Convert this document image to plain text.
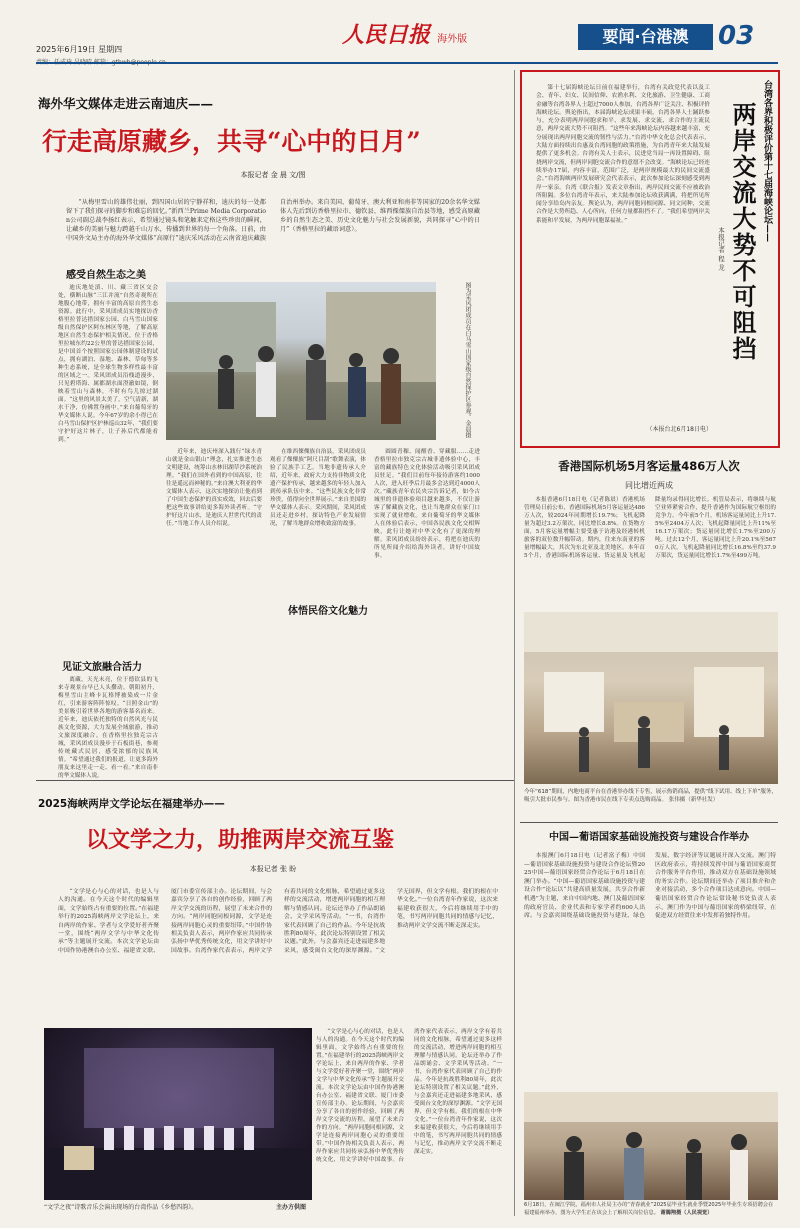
2025年6月19日 星期四
人民日报 海外版	要闻·台港澳	03
海外华文媒体走进云南迪庆——
行走高原藏乡，共寻“心中的日月”
本报记者 金 晨 文/图

“从梅里雪山的雄伟壮丽，到四国山居的宁静祥和，迪庆的每一处都留下了我们探寻的脚步和难忘的回忆。”新西兰Prime Media Corporation公司副总裁李扬红表示，希望通过镜头和笔触来定格这些珍贵的瞬间，让藏乡的美丽与魅力跨越千山万水，传播到世界的每一个角落。日前，由中国外文局主办的海外华文媒体“高原行”迪庆采风活动在云南省迪庆藏族自治州举办。来自美国、葡萄牙、澳大利亚和南非等国家的20余名华文媒体人先后到访香格里拉市、德钦县、维西傈僳族自治县等地，感受高原藏乡的自然生态之美、历史文化魅力与社会发展新貌，共同探寻“心中的日月”（香格里拉的藏语词意）。

感受自然生态之美

迪庆地处滇、川、藏三省区交会处，横断山脉“三江并流”自然奇观所在地腹心地带，拥有丰富的高原自然生态资源。此行中，采风团成员实地探访香格里拉普达措国家公园、白马雪山国家级自然保护区阿东林区等地，了解高原地区自然生态保护相关情况。位于香格里拉城东约22公里的普达措国家公园，是中国首个按照国家公园体制建设的试点，拥有湖泊、湿地、森林、草甸等多种生态系统，是全球生物多样性最丰富的区域之一。采风团成员沿栈道漫步，只见碧塔海、属都湖水面澄澈如镜，倒映着雪山与森林，不时有鸟儿掠过湖面。“这里的风景太美了，空气清新，湖水干净，仿佛置身画中。”来自葡萄牙的华文媒体人说。今年67岁的余小得已在白马雪山保护区护林巡山32年，“我们要守护好这片林子，让子孙后代都能看到。”

见证文旅融合活力

离藏，天光未亮，位于德钦县的飞来寺观景台早已人头攒动。朝阳初升，梅里雪山主峰卡瓦格博被染成一片金红，引来游客阵阵惊叹。“日照金山”的美景吸引着世界各地的游客慕名而来。近年来，迪庆依托独特的自然风光与民族文化资源，大力发展全域旅游，推动文旅深度融合。在香格里拉独克宗古城，采风团成员漫步于石板街巷，参观传统藏式民居，感受浓郁的民族风情。“希望通过我们的报道，让更多海外朋友来这里走一走、看一看。”来自南非的华文媒体人说。

图为采风团成员在白马雪山国家级自然保护区参观。金晨摄

近年来，迪庆州深入践行“绿水青山就是金山银山”理念，扎实推进生态文明建设，统筹山水林田湖草沙系统治理。“我们在国外看到的中国高原，往往是遥远而神秘的。”来自澳大利亚的华文媒体人表示，这次实地探访让他看到了中国生态保护的真实成效，回去后要把这些故事讲给更多海外读者听。“守护好这片山水，是迪庆人世世代代的责任。”当地工作人员介绍说。

在维西傈僳族自治县，采风团成员观看了傈僳族“阿尺目刮”歌舞表演，体验了民族手工艺。当地非遗传承人介绍，近年来，政府大力支持非物质文化遗产保护传承，越来越多的年轻人加入到传承队伍中来。“这些民族文化非常珍贵，值得向全世界展示。”来自美国的华文媒体人表示。采风期间，采风团成员还走进乡村，探访特色产业发展情况，了解当地群众增收致富的故事。

体悟民俗文化魅力

圆圆青稞、闻醒香、穿藏服……走进香格里拉市独克宗古城非遗体验中心，丰富的藏族特色文化体验活动吸引采风团成员驻足。“我们目前每年接待游客约1000人次，进入旺季后月最多会达到近4000人次。”藏族青年农民央宗告诉记者，如今古城里的非遗体验项目越来越多，不仅让游客了解藏族文化，也让当地群众在家门口实现了就业增收。来自葡萄牙的华文媒体人在体验后表示，中国各民族文化交相辉映，此行让她对中华文化有了更深的理解。采风团成员纷纷表示，将把在迪庆的所见所闻介绍给海外读者，讲好中国故事。

台湾各界积极评价第十七届海峡论坛——
两岸交流大势不可阻挡
本报记者 程 龙

第十七届海峡论坛日前在福建举行，台湾有关政党代表以及工会、青年、妇女、民间信仰、农渔水利、文化旅游、卫生健康、工商金融等台湾各界人士超过7000人参加，台湾各界广泛关注、积极评价海峡论坛。舆论指出，本届海峡论坛成果丰硕，台湾各界人士踊跃参与，充分表明两岸同胞求和平、求发展、求交流、求合作的主流民意，两岸交流大势不可阻挡。“这些年来海峡论坛内容越来越丰富，充分展现出两岸同胞交流的韧性与活力。”台湾中华文化总会代表表示，大陆方面持续出台惠及台湾同胞的政策措施，为台湾青年来大陆发展提供了更多机会。台湾有关人士表示，民进党当局一再设置障碍、阻挠两岸交流，但两岸同胞交流合作的意愿不会改变。“海峡论坛已经连续举办17届，内容丰富，范围广泛，是两岸规模最大的民间交流盛会。”台湾海峡两岸发展研究会代表表示，此次参加论坛深刻感受到两岸一家亲。台湾《联合报》发表文章指出，两岸民间交流不应被政治所阻隔。多位台湾青年表示，来大陆参加论坛收获满满，将把所见所闻分享给岛内亲友。舆论认为，两岸同胞同根同源、同文同种，交流合作是大势所趋、人心所向，任何力量都阻挡不了。“我们希望两岸关系能和平发展，为两岸同胞谋福祉。”

（本报台北6月18日电）
香港国际机场5月客运量486万人次
同比增近两成

本报香港6月18日电（记者陈晨）香港机场管理局日前公布，香港国际机场5月客运量达486万人次，较2024年同期增长19.7%；飞机起降量为超过3.2万架次，同比增长8.8%。在货物方面，5月客运量增幅主要受惠于访港及经港转机旅客的双位数升幅带动。期内，往来东南亚的客量增幅最大，其次为东北亚及北美地区。本年首5个月，香港国际机场客运量、货运量及飞机起降量均录得同比增长。机管局表示，将继续与航空业界紧密合作，提升香港作为国际航空枢纽的竞争力。今年前5个月，机场客运量同比上升17.5%至2404万人次；飞机起降量同比上升11%至16.17万架次；货运量同比增长1.7%至200万吨。过去12个月，客运量同比上升20.1%至5670万人次，飞机起降量同比增长16.8%至约37.9万架次，货运量同比增长1.7%至499万吨。

今年“618”期间，内地电商平台在香港举办线下专售，展示热销商品，提供“线下试用、线上下单”服务，吸引大批市民参与。图为香港市民在线下专卖点选购商品。 张伟摄（新华社发）
中国—葡语国家基础设施投资与建设合作举办

本报澳门6月18日电（记者富子梅）中国—葡语国家基础设施投资与建设合作论坛暨2025中国—葡语国家经贸合作论坛于6月18日在澳门举办。“中国—葡语国家基础设施投资与建设合作”论坛以“共建高质量发展，共享合作新机遇”为主题，来自中国内地、澳门及葡语国家的政府官员、企业代表和专家学者约600人出席。与会嘉宾围绕基础设施投资与建设、绿色发展、数字经济等议题展开深入交流。澳门特区政府表示，将持续发挥中国与葡语国家商贸合作服务平台作用，推动双方在基础设施领域的务实合作。论坛期间还举办了项目推介和企业对接活动，多个合作项目达成意向。中国—葡语国家经贸合作论坛常设秘书处负责人表示，澳门作为中国与葡语国家的桥梁纽带，在促进双方经贸往来中发挥着独特作用。

6月18日，在闽江学院，福州市人社局主办的“青春就业”2025届毕业生就业季暨2025年毕业生专项招聘会在福建福州举办，图为大学生正在该会上了解相关岗位信息。 谢腾翔摄（人民视觉）
2025海峡两岸文学论坛在福建举办——
以文学之力，助推两岸交流互鉴
本报记者 张 盼

“文学是心与心的对话，也是人与人的沟通。在今天这个时代的编辑里面，文学始终占有重要的位置。”在福建举行的2025海峡两岸文学论坛上，来自两岸的作家、学者与文学爱好者齐聚一堂，围绕“两岸文学与中华文化传承”等主题展开交流。本次文学论坛由中国作协港澳台办公室、福建省文联、厦门市委宣传部主办。论坛期间，与会嘉宾分享了各自的创作经验，回顾了两岸文学交流的历程，展望了未来合作的方向。“两岸同胞同根同源，文学是连接两岸同胞心灵的重要纽带。”中国作协相关负责人表示，两岸作家应共同传承弘扬中华优秀传统文化，用文学讲好中国故事。台湾作家代表表示，两岸文学有着共同的文化根脉，希望通过更多这样的交流活动，增进两岸同胞的相互理解与情感认同。论坛还举办了作品朗诵会、文学采风等活动。“一书，台湾作家代表回顾了自己的作品。今年是抗战胜利80周年，此次论坛特别设置了相关议题。”此外，与会嘉宾还走进福建多地采风，感受闽台文化的深厚渊源。“文学无国界，但文学有根。我们的根在中华文化。”一位台湾青年作家说，这次来福建收获很大，今后将继续用手中的笔，书写两岸同胞共同的情感与记忆，推动两岸文学交流不断走深走实。

“文学是心与心的对话，也是人与人的沟通。在今天这个时代的编辑里面，文学始终占有重要的位置。”在福建举行的2025海峡两岸文学论坛上，来自两岸的作家、学者与文学爱好者齐聚一堂，围绕“两岸文学与中华文化传承”等主题展开交流。本次文学论坛由中国作协港澳台办公室、福建省文联、厦门市委宣传部主办。论坛期间，与会嘉宾分享了各自的创作经验，回顾了两岸文学交流的历程，展望了未来合作的方向。“两岸同胞同根同源，文学是连接两岸同胞心灵的重要纽带。”中国作协相关负责人表示，两岸作家应共同传承弘扬中华优秀传统文化，用文学讲好中国故事。台湾作家代表表示，两岸文学有着共同的文化根脉，希望通过更多这样的交流活动，增进两岸同胞的相互理解与情感认同。论坛还举办了作品朗诵会、文学采风等活动。“一书，台湾作家代表回顾了自己的作品。今年是抗战胜利80周年，此次论坛特别设置了相关议题。”此外，与会嘉宾还走进福建多地采风，感受闽台文化的深厚渊源。“文学无国界，但文学有根。我们的根在中华文化。”一位台湾青年作家说，这次来福建收获很大，今后将继续用手中的笔，书写两岸同胞共同的情感与记忆，推动两岸文学交流不断走深走实。

“文学之夜”诗歌音乐会演出现场的台湾作品《乡愁四韵》。	主办方供图
